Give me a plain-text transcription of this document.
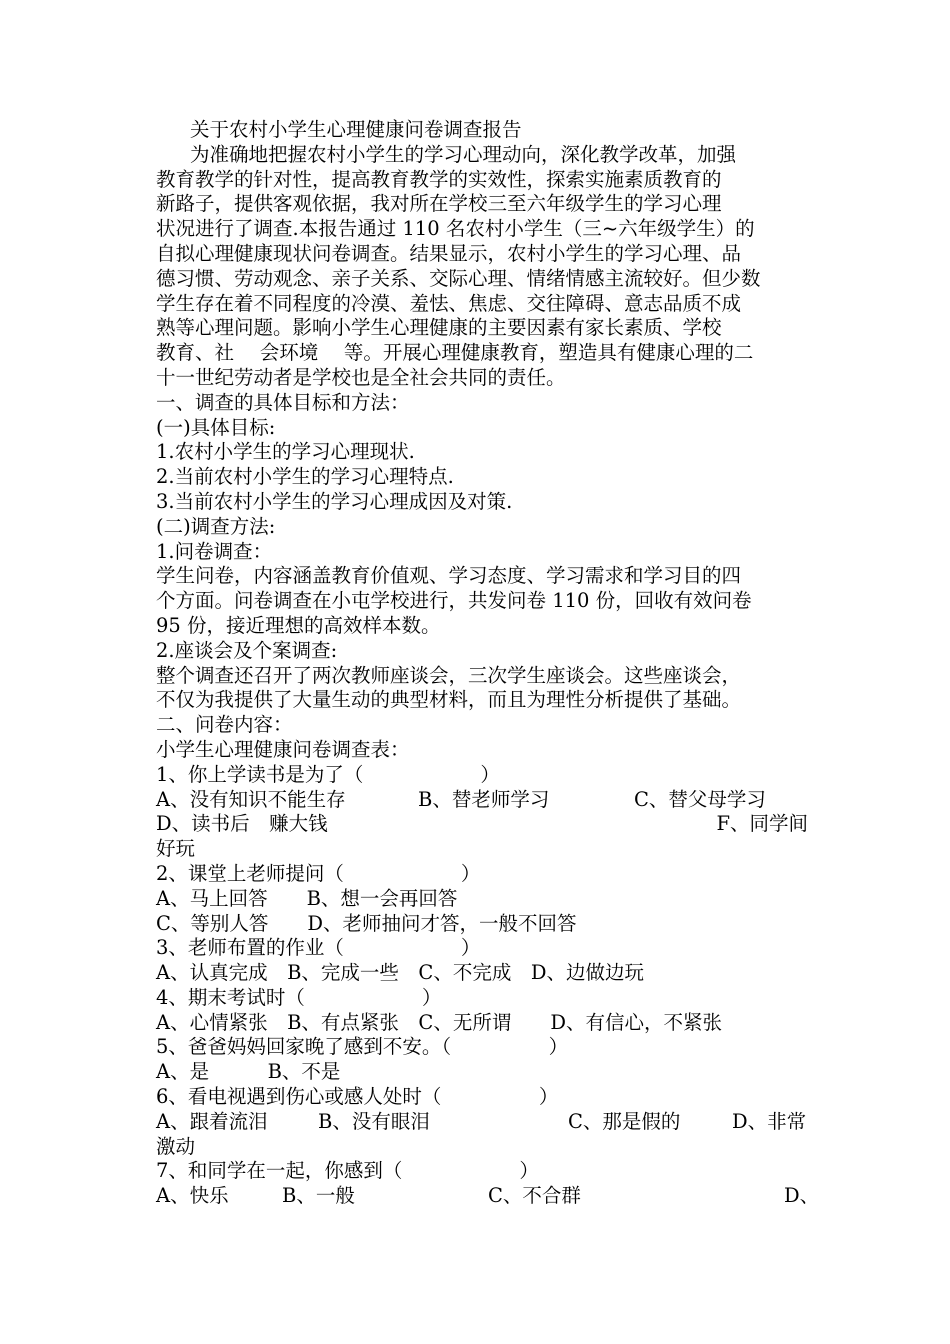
关于农村小学生心理健康问卷调查报告
为准确地把握农村小学生的学习心理动向，深化教学改革，加强
教育教学的针对性，提高教育教学的实效性，探索实施素质教育的
新路子，提供客观依据，我对所在学校三至六年级学生的学习心理
状况进行了调查.本报告通过 110 名农村小学生（三~六年级学生）的
自拟心理健康现状问卷调查。结果显示，农村小学生的学习心理、品
德习惯、劳动观念、亲子关系、交际心理、情绪情感主流较好。但少数
学生存在着不同程度的冷漠、羞怯、焦虑、交往障碍、意志品质不成
熟等心理问题。影响小学生心理健康的主要因素有家长素质、学校
教育、社　 会环境　 等。开展心理健康教育，塑造具有健康心理的二
十一世纪劳动者是学校也是全社会共同的责任。
一、调查的具体目标和方法：
(一)具体目标:
1.农村小学生的学习心理现状.
2.当前农村小学生的学习心理特点.
3.当前农村小学生的学习心理成因及对策.
(二)调查方法:
1.问卷调查：
学生问卷，内容涵盖教育价值观、学习态度、学习需求和学习目的四
个方面。问卷调查在小屯学校进行，共发问卷 110 份，回收有效问卷
95 份，接近理想的高效样本数。
2.座谈会及个案调查:
整个调查还召开了两次教师座谈会，三次学生座谈会。这些座谈会，
不仅为我提供了大量生动的典型材料，而且为理性分析提供了基础。
二、问卷内容：
小学生心理健康问卷调查表：
1、你上学读书是为了（　　　　　　）
A、没有知识不能生存	B、替老师学习	C、替父母学习
D、读书后　赚大钱	F、同学间
好玩
2、课堂上老师提问（　　　　　　）
A、马上回答　　B、想一会再回答
C、等别人答　　D、老师抽问才答，一般不回答
3、老师布置的作业（　　　　　　）
A、认真完成　B、完成一些　C、不完成　D、边做边玩
4、期末考试时（　　　　　　）
A、心情紧张　B、有点紧张　C、无所谓　　D、有信心，不紧张
5、爸爸妈妈回家晚了感到不安。（　　　　　）
A、是　　　B、不是
6、看电视遇到伤心或感人处时（　　　　　）
A、跟着流泪	B、没有眼泪	C、那是假的	D、非常
激动
7、和同学在一起，你感到（　　　　　　）
A、快乐	B、一般	C、不合群	D、
